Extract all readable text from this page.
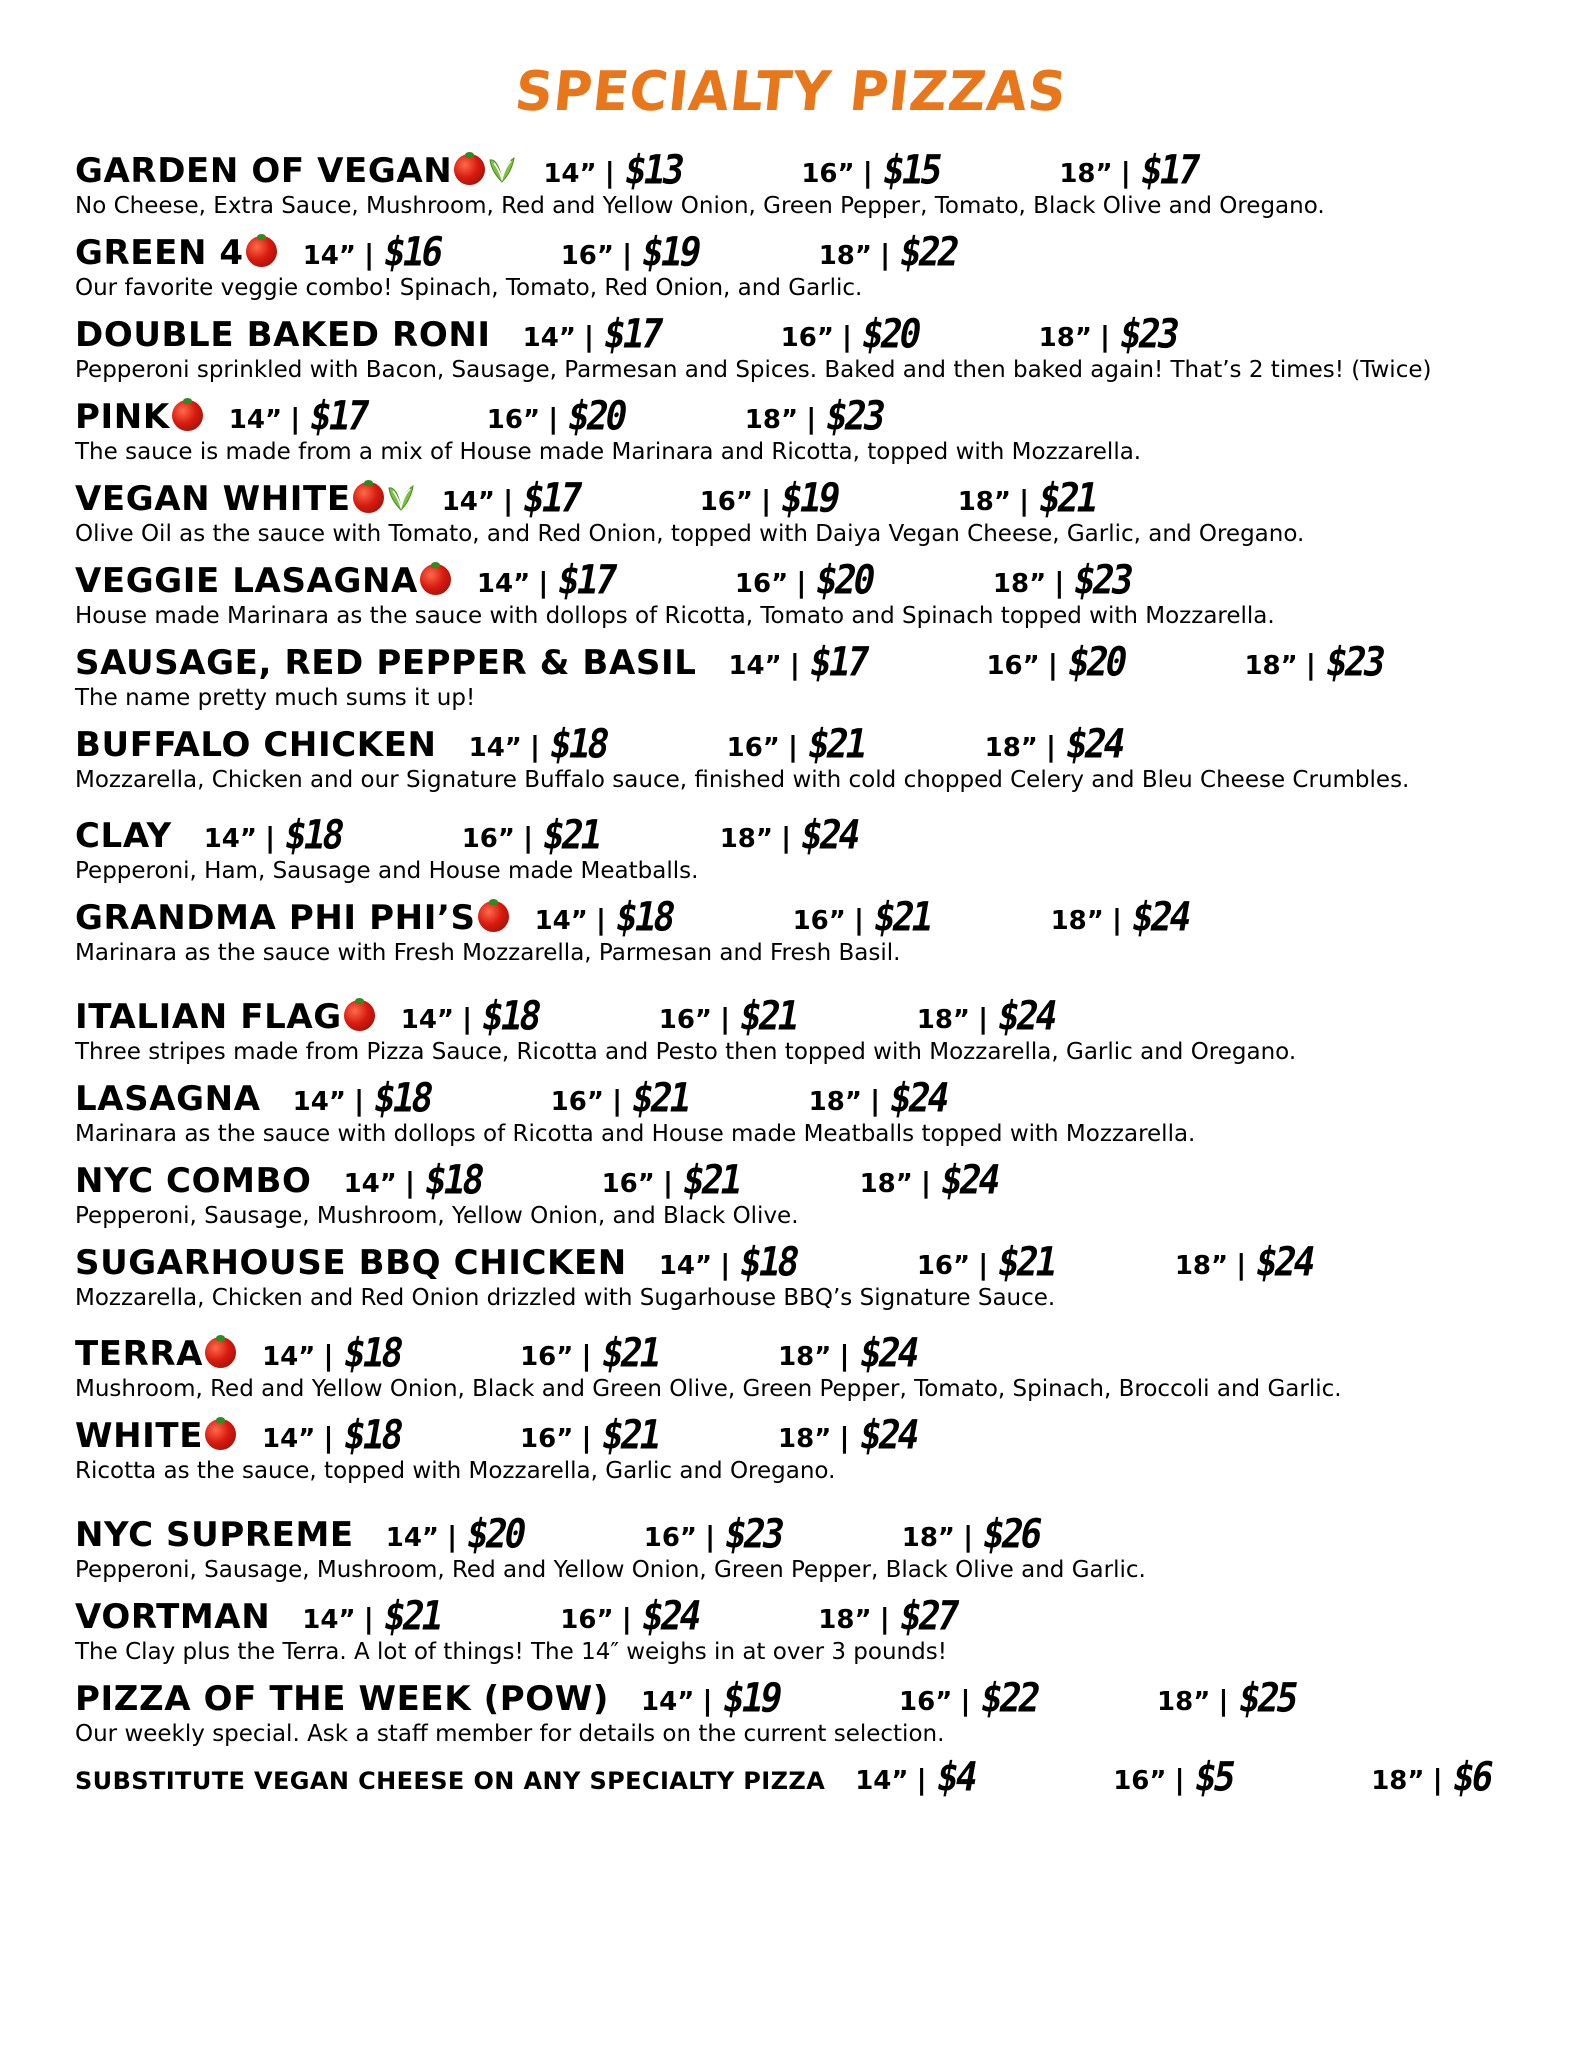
SPECIALTY PIZZAS
GARDEN OF VEGAN	14” | $13	16” | $15	18” | $17
No Cheese, Extra Sauce, Mushroom, Red and Yellow Onion, Green Pepper, Tomato, Black Olive and Oregano.
GREEN 4 14” | $16	16” | $19	18” | $22
Our favorite veggie combo! Spinach, Tomato, Red Onion, and Garlic.
DOUBLE BAKED RONI 14” | $17	16” | $20	18” | $23
Pepperoni sprinkled with Bacon, Sausage, Parmesan and Spices. Baked and then baked again! That’s 2 times! (Twice)
PINK 14” | $17	16” | $20	18” | $23
The sauce is made from a mix of House made Marinara and Ricotta, topped with Mozzarella.
VEGAN WHITE	14” | $17	16” | $19	18” | $21
Olive Oil as the sauce with Tomato, and Red Onion, topped with Daiya Vegan Cheese, Garlic, and Oregano.
VEGGIE LASAGNA 14” | $17	16” | $20	18” | $23
House made Marinara as the sauce with dollops of Ricotta, Tomato and Spinach topped with Mozzarella.
SAUSAGE, RED PEPPER & BASIL 14” | $17	16” | $20	18” | $23
The name pretty much sums it up!
BUFFALO CHICKEN 14” | $18	16” | $21	18” | $24
Mozzarella, Chicken and our Signature Buffalo sauce, finished with cold chopped Celery and Bleu Cheese Crumbles.
CLAY 14” | $18	16” | $21	18” | $24
Pepperoni, Ham, Sausage and House made Meatballs.
GRANDMA PHI PHI’S 14” | $18	16” | $21	18” | $24
Marinara as the sauce with Fresh Mozzarella, Parmesan and Fresh Basil.
ITALIAN FLAG 14” | $18	16” | $21	18” | $24
Three stripes made from Pizza Sauce, Ricotta and Pesto then topped with Mozzarella, Garlic and Oregano.
LASAGNA 14” | $18	16” | $21	18” | $24
Marinara as the sauce with dollops of Ricotta and House made Meatballs topped with Mozzarella.
NYC COMBO 14” | $18	16” | $21	18” | $24
Pepperoni, Sausage, Mushroom, Yellow Onion, and Black Olive.
SUGARHOUSE BBQ CHICKEN 14” | $18	16” | $21	18” | $24
Mozzarella, Chicken and Red Onion drizzled with Sugarhouse BBQ’s Signature Sauce.
TERRA 14” | $18	16” | $21	18” | $24
Mushroom, Red and Yellow Onion, Black and Green Olive, Green Pepper, Tomato, Spinach, Broccoli and Garlic.
WHITE 14” | $18	16” | $21	18” | $24
Ricotta as the sauce, topped with Mozzarella, Garlic and Oregano.
NYC SUPREME 14” | $20	16” | $23	18” | $26
Pepperoni, Sausage, Mushroom, Red and Yellow Onion, Green Pepper, Black Olive and Garlic.
VORTMAN 14” | $21	16” | $24	18” | $27
The Clay plus the Terra. A lot of things! The 14″ weighs in at over 3 pounds!
PIZZA OF THE WEEK (POW) 14” | $19	16” | $22	18” | $25
Our weekly special. Ask a staff member for details on the current selection.
SUBSTITUTE VEGAN CHEESE ON ANY SPECIALTY PIZZA 14” | $4	16” | $5	18” | $6
